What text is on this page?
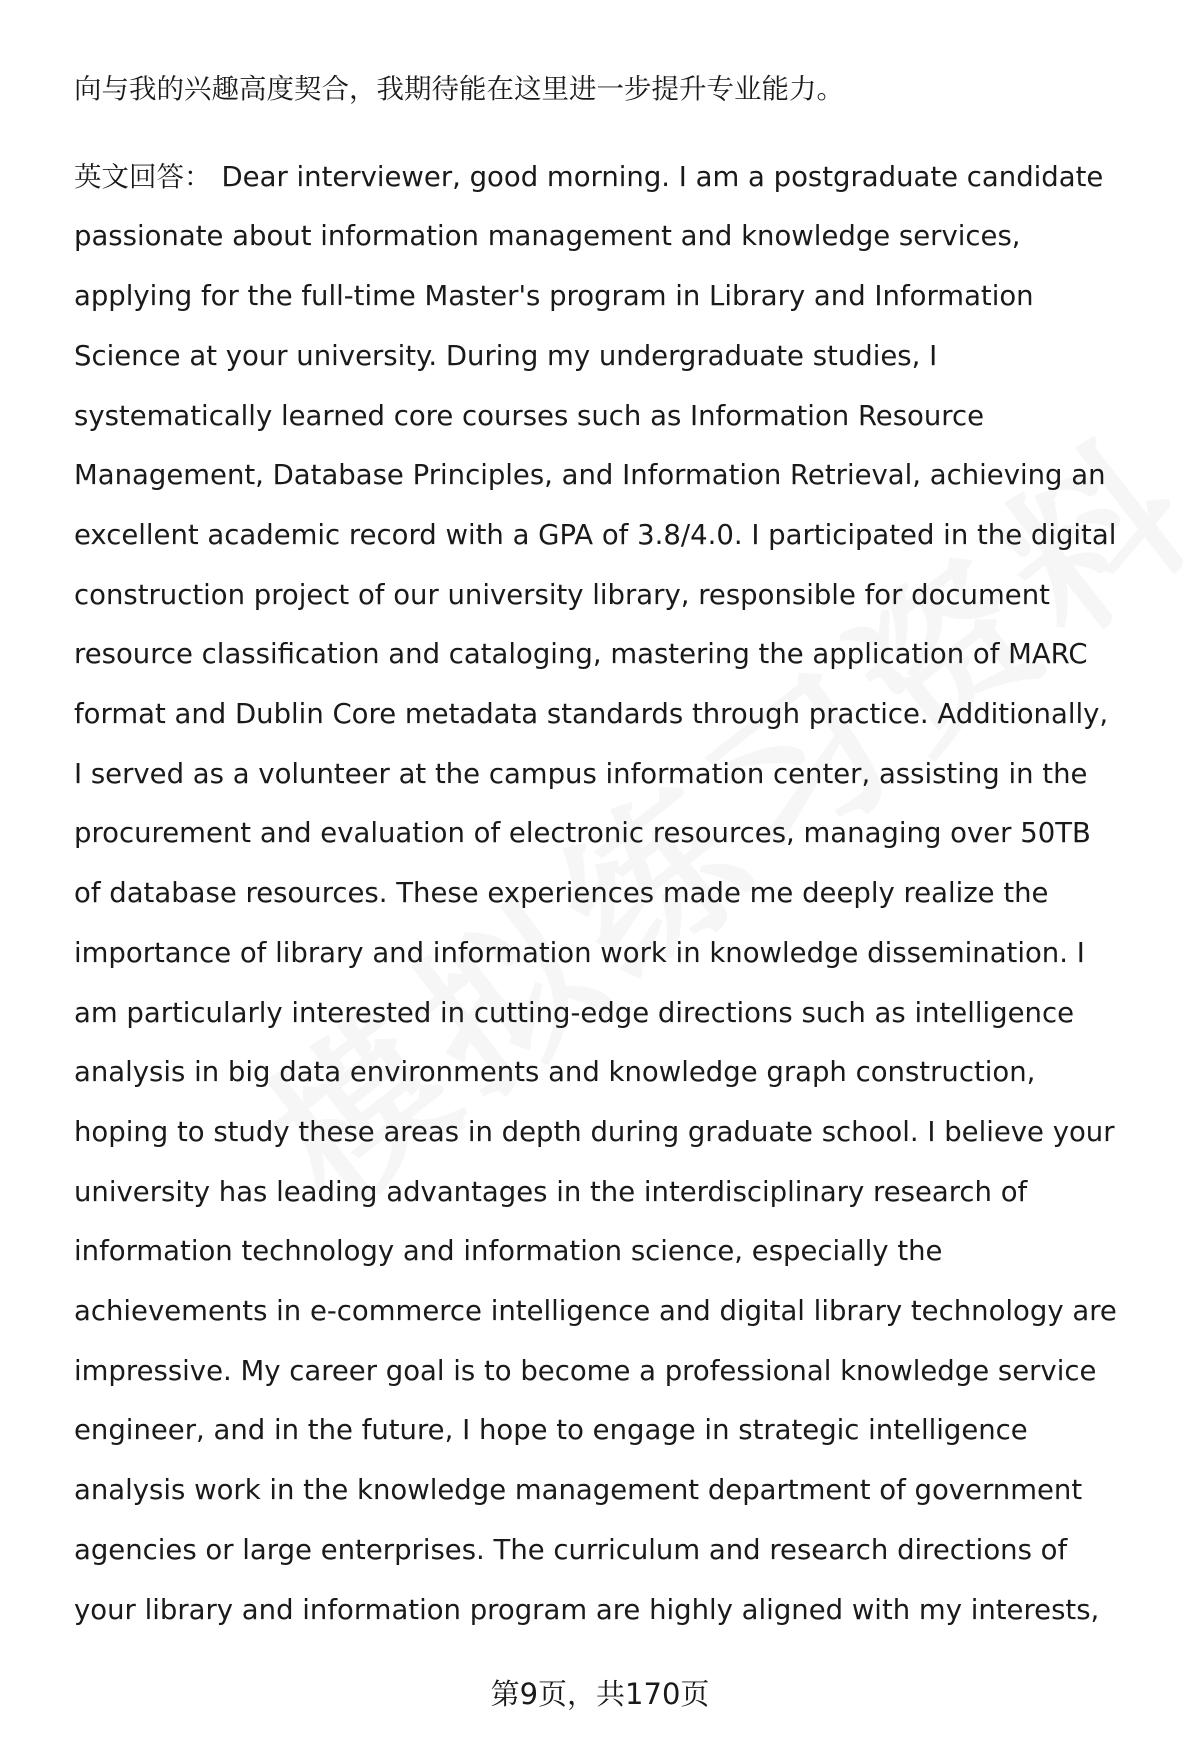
向与我的兴趣高度契合，我期待能在这里进一步提升专业能力。
英文回答： Dear interviewer, good morning. I am a postgraduate candidate
passionate about information management and knowledge services,
applying for the full-time Master's program in Library and Information
Science at your university. During my undergraduate studies, I
systematically learned core courses such as Information Resource
Management, Database Principles, and Information Retrieval, achieving an
excellent academic record with a GPA of 3.8/4.0. I participated in the digital
construction project of our university library, responsible for document
resource classification and cataloging, mastering the application of MARC
format and Dublin Core metadata standards through practice. Additionally,
I served as a volunteer at the campus information center, assisting in the
procurement and evaluation of electronic resources, managing over 50TB
of database resources. These experiences made me deeply realize the
importance of library and information work in knowledge dissemination. I
am particularly interested in cutting-edge directions such as intelligence
analysis in big data environments and knowledge graph construction,
hoping to study these areas in depth during graduate school. I believe your
university has leading advantages in the interdisciplinary research of
information technology and information science, especially the
achievements in e-commerce intelligence and digital library technology are
impressive. My career goal is to become a professional knowledge service
engineer, and in the future, I hope to engage in strategic intelligence
analysis work in the knowledge management department of government
agencies or large enterprises. The curriculum and research directions of
your library and information program are highly aligned with my interests,
第9页，共170页
